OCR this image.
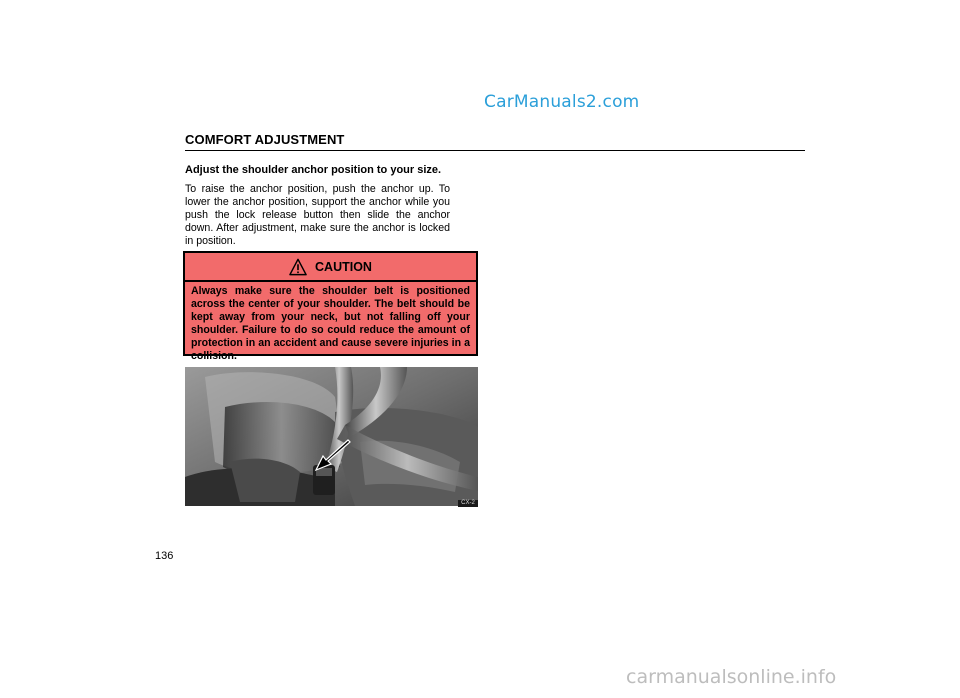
CarManuals2.com
COMFORT ADJUSTMENT
Adjust the shoulder anchor position to your size.
To raise the anchor position, push the anchor up. To lower the anchor position, support the anchor while you push the lock release button then slide the anchor down. After adjustment, make sure the anchor is locked in position.
CAUTION
Always make sure the shoulder belt is positioned across the center of your shoulder. The belt should be kept away from your neck, but not falling off your shoulder. Failure to do so could reduce the amount of protection in an accident and cause severe injuries in a collision.
CX-2
136
carmanualsonline.info
